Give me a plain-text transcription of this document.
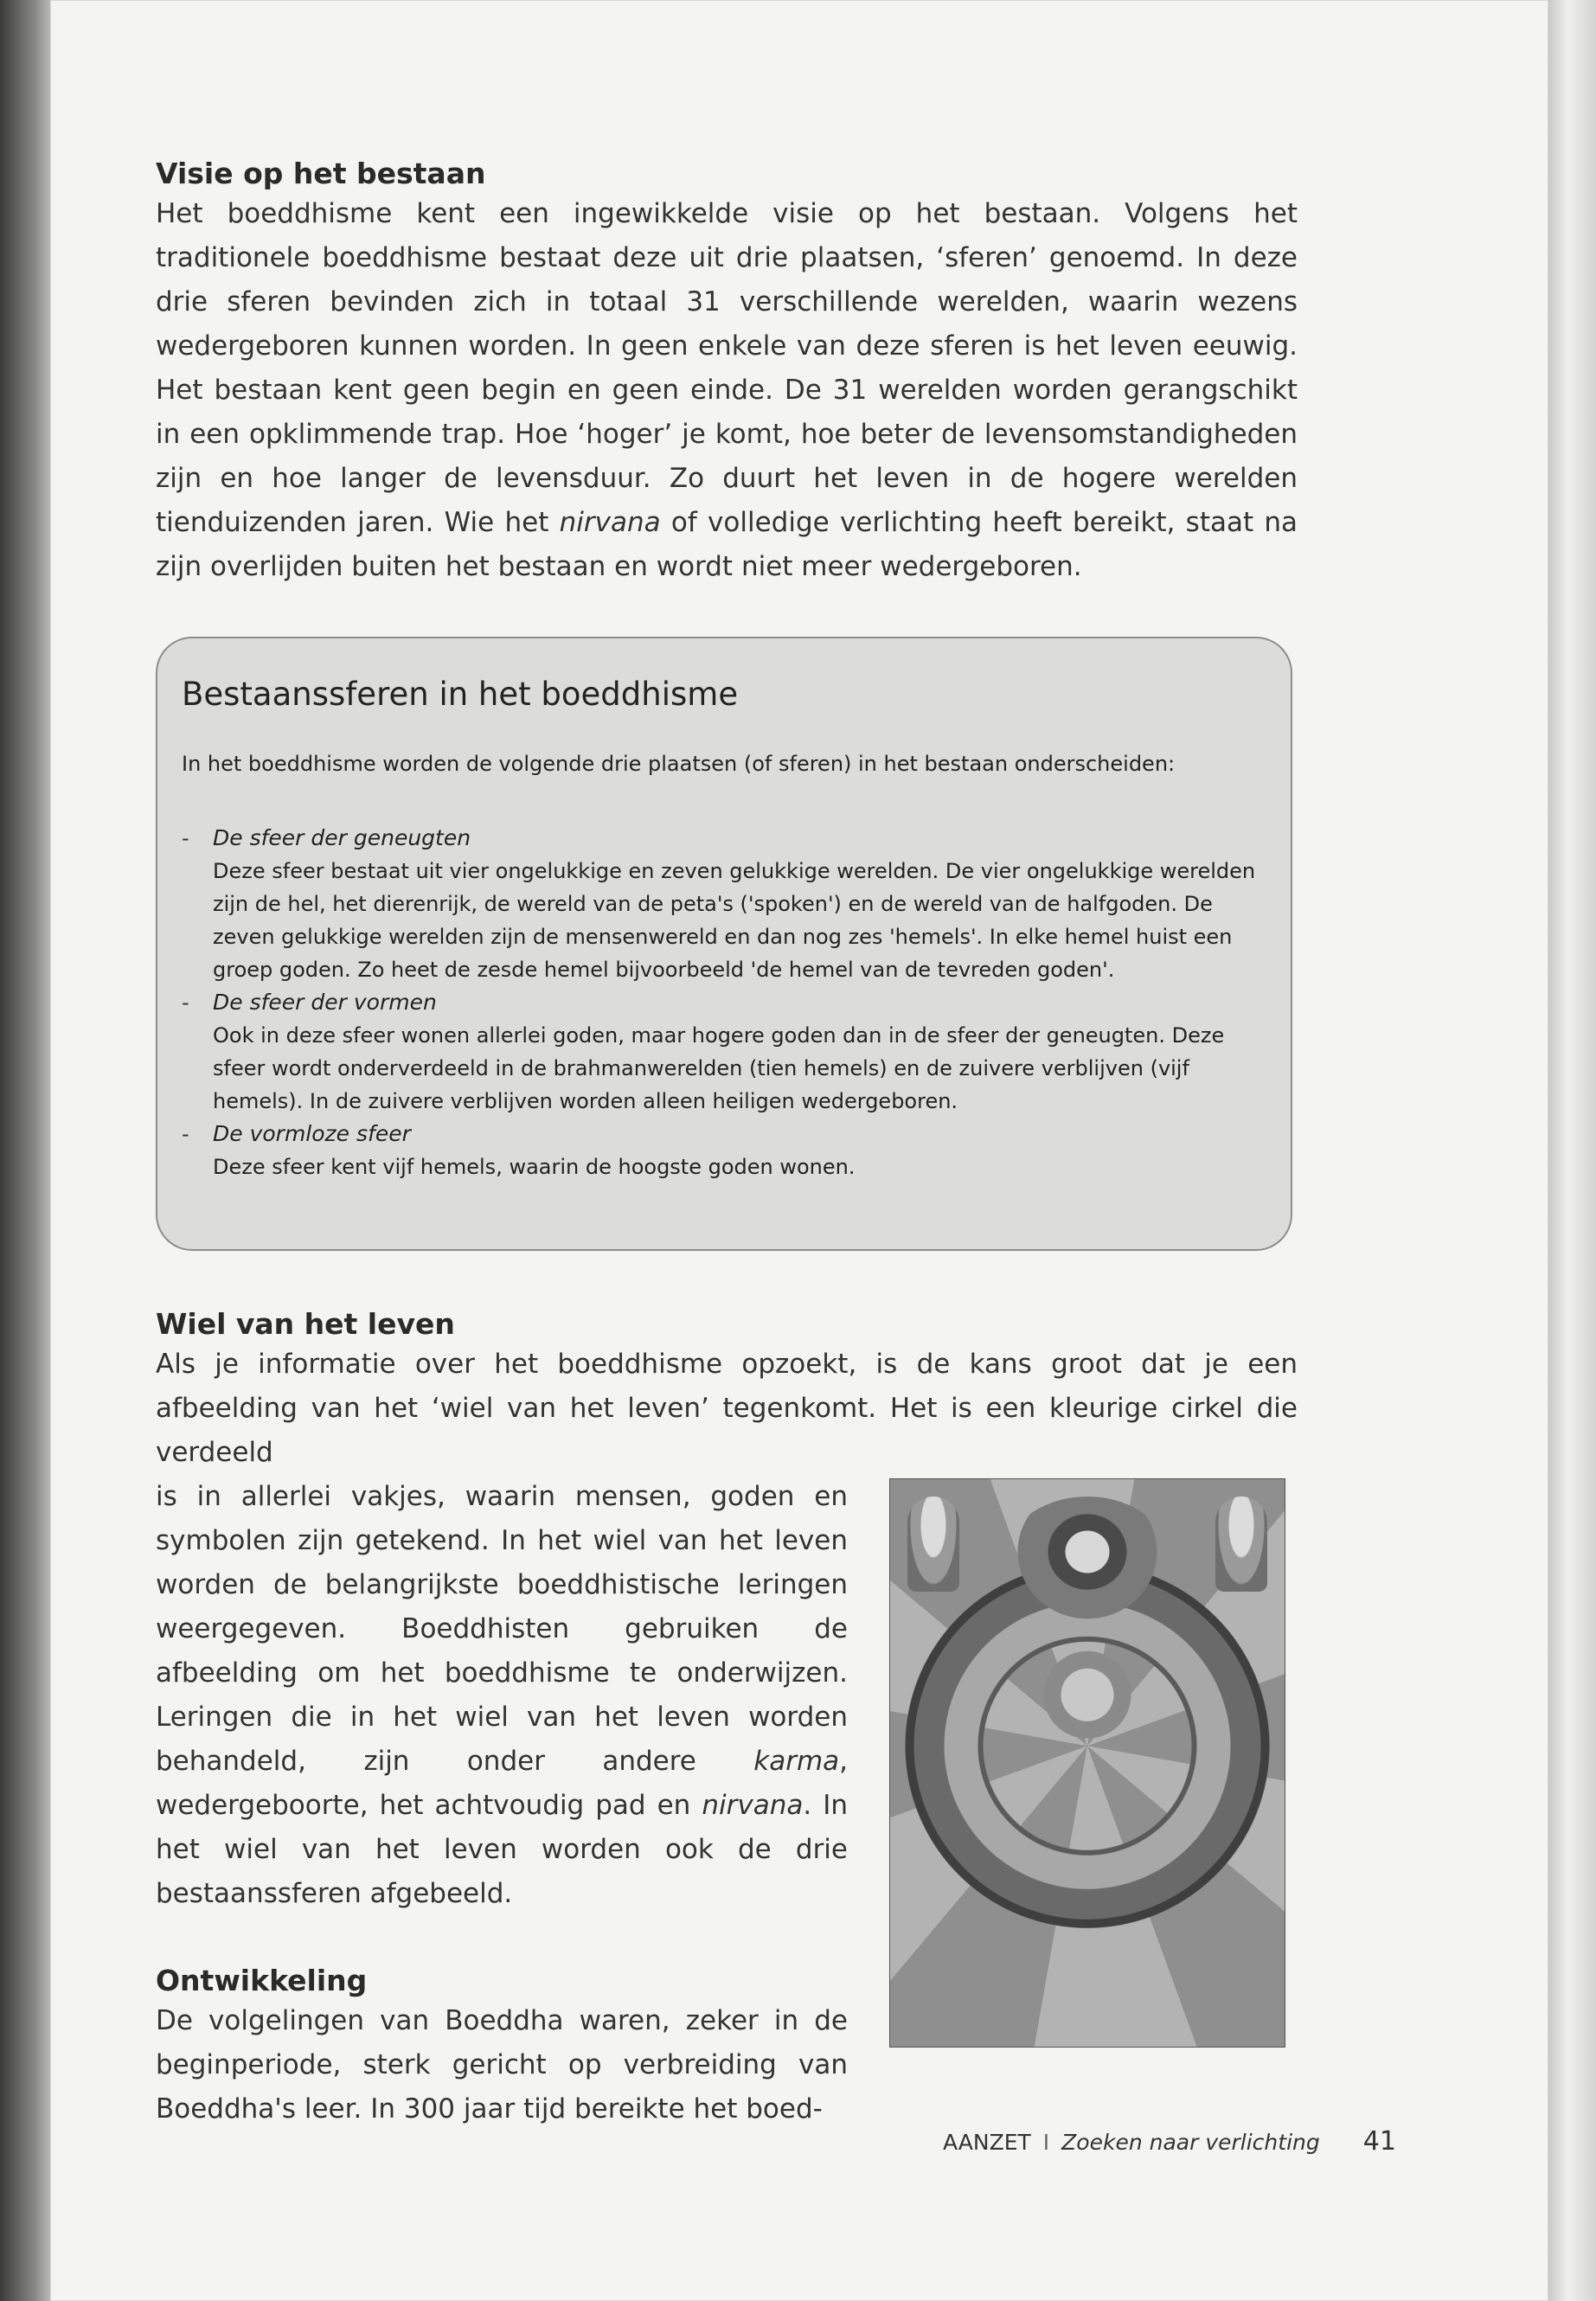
Visie op het bestaan

Het boeddhisme kent een ingewikkelde visie op het bestaan. Volgens het traditionele boeddhisme bestaat deze uit drie plaatsen, ‘sferen’ genoemd. In deze drie sferen bevinden zich in totaal 31 verschillende werelden, waarin wezens wedergeboren kunnen worden. In geen enkele van deze sferen is het leven eeuwig. Het bestaan kent geen begin en geen einde. De 31 werelden worden gerangschikt in een opklimmende trap. Hoe ‘hoger’ je komt, hoe beter de levensomstandigheden zijn en hoe langer de levensduur. Zo duurt het leven in de hogere werelden tienduizenden jaren. Wie het nirvana of volledige verlichting heeft bereikt, staat na zijn overlijden buiten het bestaan en wordt niet meer wedergeboren.

Bestaanssferen in het boeddhisme
In het boeddhisme worden de volgende drie plaatsen (of sferen) in het bestaan onderscheiden:
- De sfeer der geneugten
Deze sfeer bestaat uit vier ongelukkige en zeven gelukkige werelden. De vier ongelukkige werelden zijn de hel, het dierenrijk, de wereld van de peta's ('spoken') en de wereld van de halfgoden. De zeven gelukkige werelden zijn de mensenwereld en dan nog zes 'hemels'. In elke hemel huist een groep goden. Zo heet de zesde hemel bijvoorbeeld 'de hemel van de tevreden goden'.
- De sfeer der vormen
Ook in deze sfeer wonen allerlei goden, maar hogere goden dan in de sfeer der geneugten. Deze sfeer wordt onderverdeeld in de brahmanwerelden (tien hemels) en de zuivere verblijven (vijf hemels). In de zuivere verblijven worden alleen heiligen wedergeboren.
- De vormloze sfeer
Deze sfeer kent vijf hemels, waarin de hoogste goden wonen.
Wiel van het leven

Als je informatie over het boeddhisme opzoekt, is de kans groot dat je een afbeelding van het ‘wiel van het leven’ tegenkomt. Het is een kleurige cirkel die verdeeld

is in allerlei vakjes, waarin mensen, goden en symbolen zijn getekend. In het wiel van het leven worden de belangrijkste boeddhistische leringen weergegeven. Boeddhisten gebruiken de afbeelding om het boeddhisme te onderwijzen. Leringen die in het wiel van het leven worden behandeld, zijn onder andere karma, wedergeboorte, het achtvoudig pad en nirvana. In het wiel van het leven worden ook de drie bestaanssferen afgebeeld.

Ontwikkeling

De volgelingen van Boeddha waren, zeker in de beginperiode, sterk gericht op verbreiding van Boeddha's leer. In 300 jaar tijd bereikte het boed-

AANZET I Zoeken naar verlichting 41
